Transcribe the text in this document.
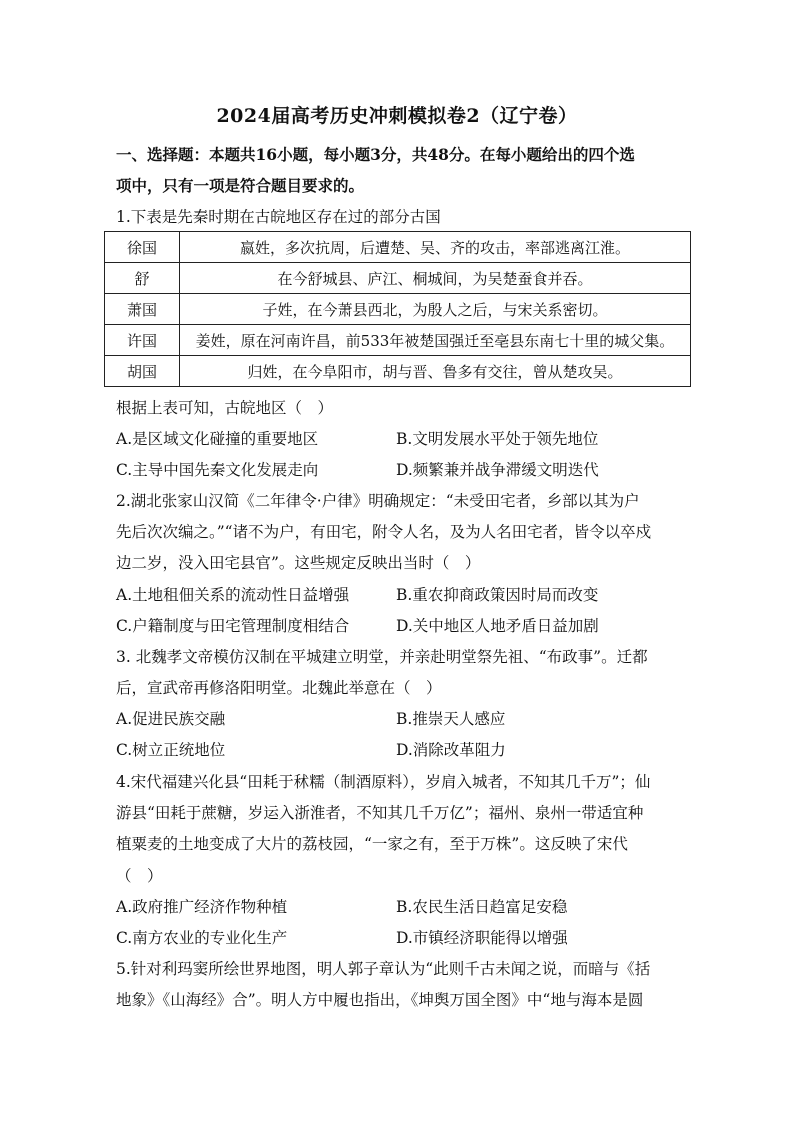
2024届高考历史冲刺模拟卷2（辽宁卷）
一、选择题：本题共16小题，每小题3分，共48分。在每小题给出的四个选
项中，只有一项是符合题目要求的。
1.下表是先秦时期在古皖地区存在过的部分古国
徐国	嬴姓，多次抗周，后遭楚、吴、齐的攻击，率部逃离江淮。
舒	在今舒城县、庐江、桐城间，为吴楚蚕食并吞。
萧国	子姓，在今萧县西北，为殷人之后，与宋关系密切。
许国	姜姓，原在河南许昌，前533年被楚国强迁至亳县东南七十里的城父集。
胡国	归姓，在今阜阳市，胡与晋、鲁多有交往，曾从楚攻吴。
根据上表可知，古皖地区（　）
A.是区域文化碰撞的重要地区	B.文明发展水平处于领先地位
C.主导中国先秦文化发展走向	D.频繁兼并战争滞缓文明迭代
2.湖北张家山汉简《二年律令·户律》明确规定：“未受田宅者，乡部以其为户
先后次次编之。”“诸不为户，有田宅，附令人名，及为人名田宅者，皆令以卒戍
边二岁，没入田宅县官”。这些规定反映出当时（　）
A.土地租佃关系的流动性日益增强	B.重农抑商政策因时局而改变
C.户籍制度与田宅管理制度相结合	D.关中地区人地矛盾日益加剧
3. 北魏孝文帝模仿汉制在平城建立明堂，并亲赴明堂祭先祖、“布政事”。迁都
后，宣武帝再修洛阳明堂。北魏此举意在（　）
A.促进民族交融	B.推崇天人感应
C.树立正统地位	D.消除改革阻力
4.宋代福建兴化县“田耗于秫糯（制酒原料），岁肩入城者，不知其几千万”；仙
游县“田耗于蔗糖，岁运入浙淮者，不知其几千万亿”；福州、泉州一带适宜种
植粟麦的土地变成了大片的荔枝园，“一家之有，至于万株”。这反映了宋代
（　）
A.政府推广经济作物种植	B.农民生活日趋富足安稳
C.南方农业的专业化生产	D.市镇经济职能得以增强
5.针对利玛窦所绘世界地图，明人郭子章认为“此则千古未闻之说，而暗与《括
地象》《山海经》合”。明人方中履也指出，《坤舆万国全图》中“地与海本是圆
